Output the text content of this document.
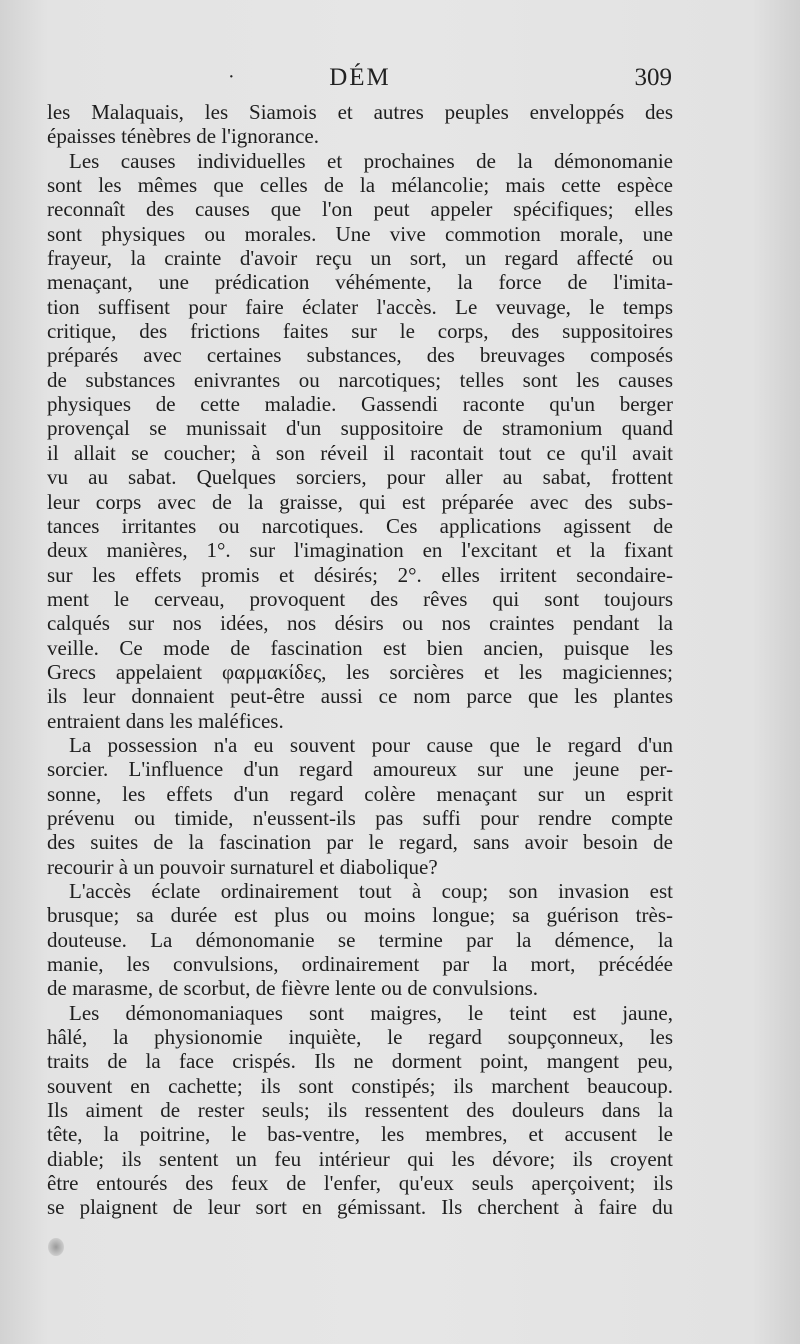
·	DÉM	309
les Malaquais, les Siamois et autres peuples enveloppés des
épaisses ténèbres de l'ignorance.
Les causes individuelles et prochaines de la démonomanie
sont les mêmes que celles de la mélancolie; mais cette espèce
reconnaît des causes que l'on peut appeler spécifiques; elles
sont physiques ou morales. Une vive commotion morale, une
frayeur, la crainte d'avoir reçu un sort, un regard affecté ou
menaçant, une prédication véhémente, la force de l'imita-
tion suffisent pour faire éclater l'accès. Le veuvage, le temps
critique, des frictions faites sur le corps, des suppositoires
préparés avec certaines substances, des breuvages composés
de substances enivrantes ou narcotiques; telles sont les causes
physiques de cette maladie. Gassendi raconte qu'un berger
provençal se munissait d'un suppositoire de stramonium quand
il allait se coucher; à son réveil il racontait tout ce qu'il avait
vu au sabat. Quelques sorciers, pour aller au sabat, frottent
leur corps avec de la graisse, qui est préparée avec des subs-
tances irritantes ou narcotiques. Ces applications agissent de
deux manières, 1°. sur l'imagination en l'excitant et la fixant
sur les effets promis et désirés; 2°. elles irritent secondaire-
ment le cerveau, provoquent des rêves qui sont toujours
calqués sur nos idées, nos désirs ou nos craintes pendant la
veille. Ce mode de fascination est bien ancien, puisque les
Grecs appelaient φαρμακίδες, les sorcières et les magiciennes;
ils leur donnaient peut-être aussi ce nom parce que les plantes
entraient dans les maléfices.
La possession n'a eu souvent pour cause que le regard d'un
sorcier. L'influence d'un regard amoureux sur une jeune per-
sonne, les effets d'un regard colère menaçant sur un esprit
prévenu ou timide, n'eussent-ils pas suffi pour rendre compte
des suites de la fascination par le regard, sans avoir besoin de
recourir à un pouvoir surnaturel et diabolique?
L'accès éclate ordinairement tout à coup; son invasion est
brusque; sa durée est plus ou moins longue; sa guérison très-
douteuse. La démonomanie se termine par la démence, la
manie, les convulsions, ordinairement par la mort, précédée
de marasme, de scorbut, de fièvre lente ou de convulsions.
Les démonomaniaques sont maigres, le teint est jaune,
hâlé, la physionomie inquiète, le regard soupçonneux, les
traits de la face crispés. Ils ne dorment point, mangent peu,
souvent en cachette; ils sont constipés; ils marchent beaucoup.
Ils aiment de rester seuls; ils ressentent des douleurs dans la
tête, la poitrine, le bas-ventre, les membres, et accusent le
diable; ils sentent un feu intérieur qui les dévore; ils croyent
être entourés des feux de l'enfer, qu'eux seuls aperçoivent; ils
se plaignent de leur sort en gémissant. Ils cherchent à faire du
